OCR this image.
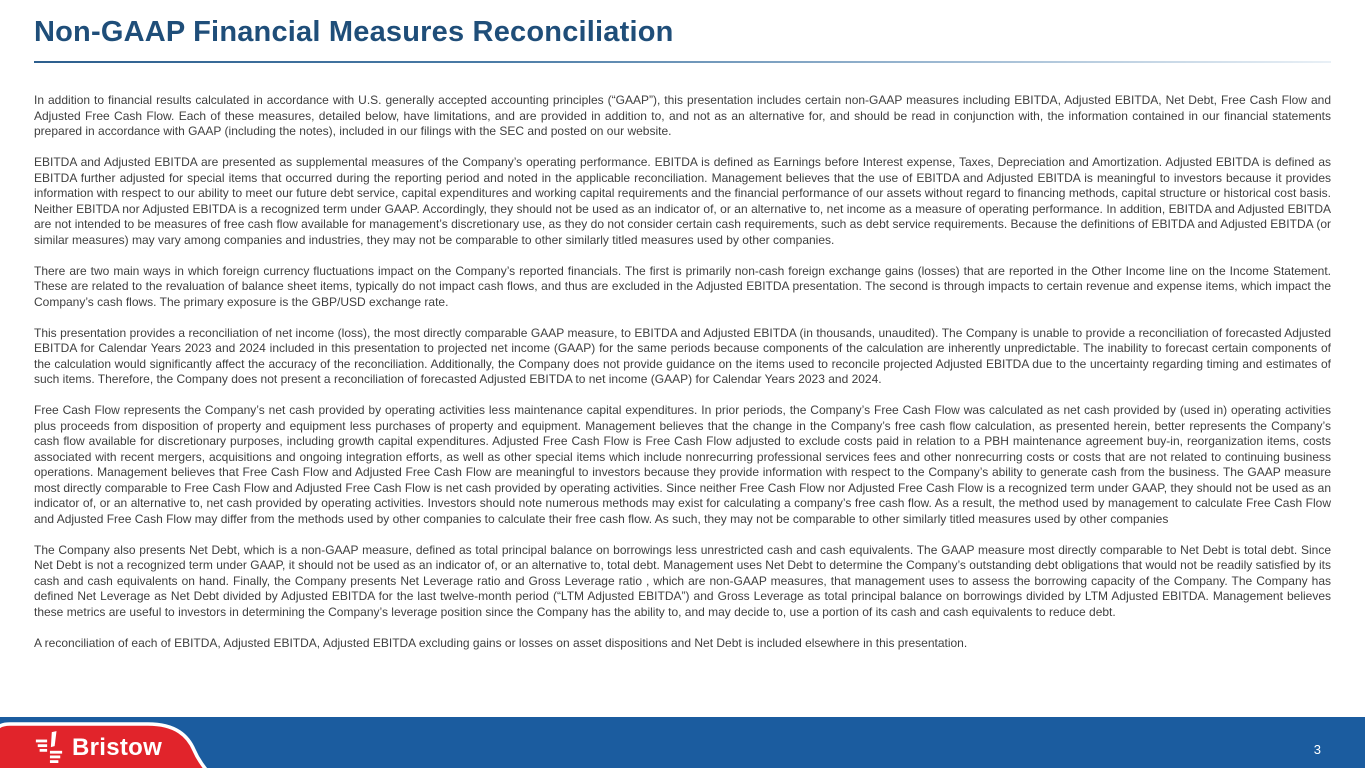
Non-GAAP Financial Measures Reconciliation

In addition to financial results calculated in accordance with U.S. generally accepted accounting principles (“GAAP”), this presentation includes certain non-GAAP measures including EBITDA, Adjusted EBITDA, Net Debt, Free Cash Flow and Adjusted Free Cash Flow. Each of these measures, detailed below, have limitations, and are provided in addition to, and not as an alternative for, and should be read in conjunction with, the information contained in our financial statements prepared in accordance with GAAP (including the notes), included in our filings with the SEC and posted on our website.

EBITDA and Adjusted EBITDA are presented as supplemental measures of the Company’s operating performance. EBITDA is defined as Earnings before Interest expense, Taxes, Depreciation and Amortization. Adjusted EBITDA is defined as EBITDA further adjusted for special items that occurred during the reporting period and noted in the applicable reconciliation. Management believes that the use of EBITDA and Adjusted EBITDA is meaningful to investors because it provides information with respect to our ability to meet our future debt service, capital expenditures and working capital requirements and the financial performance of our assets without regard to financing methods, capital structure or historical cost basis. Neither EBITDA nor Adjusted EBITDA is a recognized term under GAAP. Accordingly, they should not be used as an indicator of, or an alternative to, net income as a measure of operating performance. In addition, EBITDA and Adjusted EBITDA are not intended to be measures of free cash flow available for management’s discretionary use, as they do not consider certain cash requirements, such as debt service requirements. Because the definitions of EBITDA and Adjusted EBITDA (or similar measures) may vary among companies and industries, they may not be comparable to other similarly titled measures used by other companies.

There are two main ways in which foreign currency fluctuations impact on the Company’s reported financials. The first is primarily non-cash foreign exchange gains (losses) that are reported in the Other Income line on the Income Statement. These are related to the revaluation of balance sheet items, typically do not impact cash flows, and thus are excluded in the Adjusted EBITDA presentation. The second is through impacts to certain revenue and expense items, which impact the Company’s cash flows. The primary exposure is the GBP/USD exchange rate.

This presentation provides a reconciliation of net income (loss), the most directly comparable GAAP measure, to EBITDA and Adjusted EBITDA (in thousands, unaudited). The Company is unable to provide a reconciliation of forecasted Adjusted EBITDA for Calendar Years 2023 and 2024 included in this presentation to projected net income (GAAP) for the same periods because components of the calculation are inherently unpredictable. The inability to forecast certain components of the calculation would significantly affect the accuracy of the reconciliation. Additionally, the Company does not provide guidance on the items used to reconcile projected Adjusted EBITDA due to the uncertainty regarding timing and estimates of such items. Therefore, the Company does not present a reconciliation of forecasted Adjusted EBITDA to net income (GAAP) for Calendar Years 2023 and 2024.

Free Cash Flow represents the Company’s net cash provided by operating activities less maintenance capital expenditures. In prior periods, the Company’s Free Cash Flow was calculated as net cash provided by (used in) operating activities plus proceeds from disposition of property and equipment less purchases of property and equipment. Management believes that the change in the Company’s free cash flow calculation, as presented herein, better represents the Company’s cash flow available for discretionary purposes, including growth capital expenditures. Adjusted Free Cash Flow is Free Cash Flow adjusted to exclude costs paid in relation to a PBH maintenance agreement buy-in, reorganization items, costs associated with recent mergers, acquisitions and ongoing integration efforts, as well as other special items which include nonrecurring professional services fees and other nonrecurring costs or costs that are not related to continuing business operations. Management believes that Free Cash Flow and Adjusted Free Cash Flow are meaningful to investors because they provide information with respect to the Company’s ability to generate cash from the business. The GAAP measure most directly comparable to Free Cash Flow and Adjusted Free Cash Flow is net cash provided by operating activities. Since neither Free Cash Flow nor Adjusted Free Cash Flow is a recognized term under GAAP, they should not be used as an indicator of, or an alternative to, net cash provided by operating activities. Investors should note numerous methods may exist for calculating a company’s free cash flow. As a result, the method used by management to calculate Free Cash Flow and Adjusted Free Cash Flow may differ from the methods used by other companies to calculate their free cash flow. As such, they may not be comparable to other similarly titled measures used by other companies

The Company also presents Net Debt, which is a non-GAAP measure, defined as total principal balance on borrowings less unrestricted cash and cash equivalents. The GAAP measure most directly comparable to Net Debt is total debt. Since Net Debt is not a recognized term under GAAP, it should not be used as an indicator of, or an alternative to, total debt. Management uses Net Debt to determine the Company’s outstanding debt obligations that would not be readily satisfied by its cash and cash equivalents on hand. Finally, the Company presents Net Leverage ratio and Gross Leverage ratio , which are non-GAAP measures, that management uses to assess the borrowing capacity of the Company. The Company has defined Net Leverage as Net Debt divided by Adjusted EBITDA for the last twelve-month period (“LTM Adjusted EBITDA”) and Gross Leverage as total principal balance on borrowings divided by LTM Adjusted EBITDA. Management believes these metrics are useful to investors in determining the Company’s leverage position since the Company has the ability to, and may decide to, use a portion of its cash and cash equivalents to reduce debt.

A reconciliation of each of EBITDA, Adjusted EBITDA, Adjusted EBITDA excluding gains or losses on asset dispositions and Net Debt is included elsewhere in this presentation.

Bristow	3
